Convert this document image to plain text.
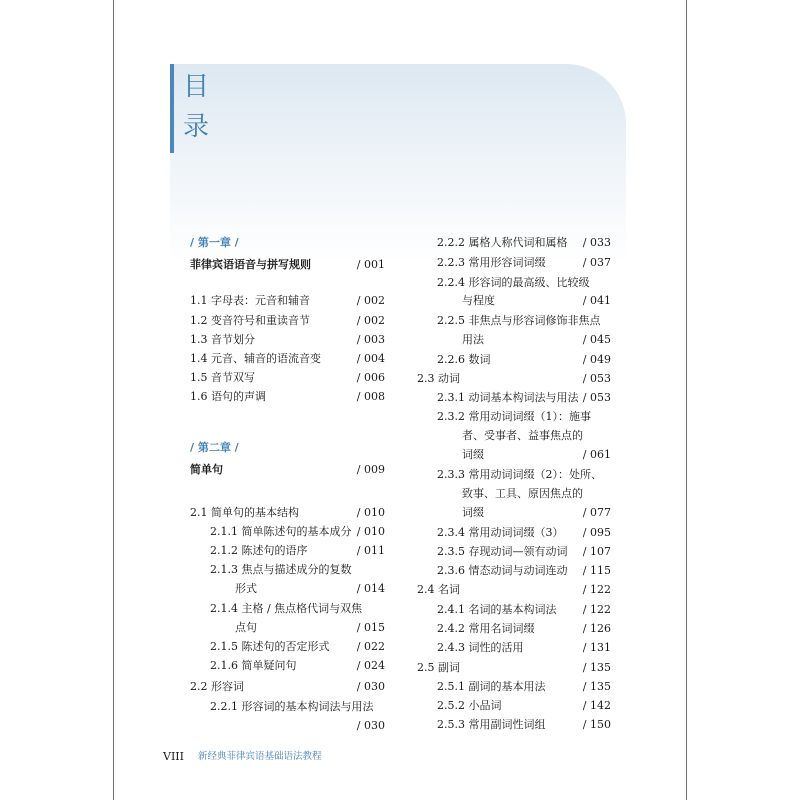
目
录
/ 第一章 /
菲律宾语语音与拼写规则	/ 001
1.1 字母表：元音和辅音	/ 002
1.2 变音符号和重读音节	/ 002
1.3 音节划分	/ 003
1.4 元音、辅音的语流音变	/ 004
1.5 音节双写	/ 006
1.6 语句的声调	/ 008
/ 第二章 /
简单句	/ 009
2.1 简单句的基本结构	/ 010
2.1.1 简单陈述句的基本成分 / 010
2.1.2 陈述句的语序	/ 011
2.1.3 焦点与描述成分的复数
形式	/ 014
2.1.4 主格 / 焦点格代词与双焦
点句	/ 015
2.1.5 陈述句的否定形式	/ 022
2.1.6 简单疑问句	/ 024
2.2 形容词	/ 030
2.2.1 形容词的基本构词法与用法
/ 030
2.2.2 属格人称代词和属格	/ 033
2.2.3 常用形容词词缀	/ 037
2.2.4 形容词的最高级、比较级
与程度	/ 041
2.2.5 非焦点与形容词修饰非焦点
用法	/ 045
2.2.6 数词	/ 049
2.3 动词	/ 053
2.3.1 动词基本构词法与用法 / 053
2.3.2 常用动词词缀（1）：施事
者、受事者、益事焦点的
词缀	/ 061
2.3.3 常用动词词缀（2）：处所、
致事、工具、原因焦点的
词缀	/ 077
2.3.4 常用动词词缀（3）	/ 095
2.3.5 存现动词—领有动词	/ 107
2.3.6 情态动词与动词连动	/ 115
2.4 名词	/ 122
2.4.1 名词的基本构词法	/ 122
2.4.2 常用名词词缀	/ 126
2.4.3 词性的活用	/ 131
2.5 副词	/ 135
2.5.1 副词的基本用法	/ 135
2.5.2 小品词	/ 142
2.5.3 常用副词性词组	/ 150
VIII 新经典菲律宾语基础语法教程
